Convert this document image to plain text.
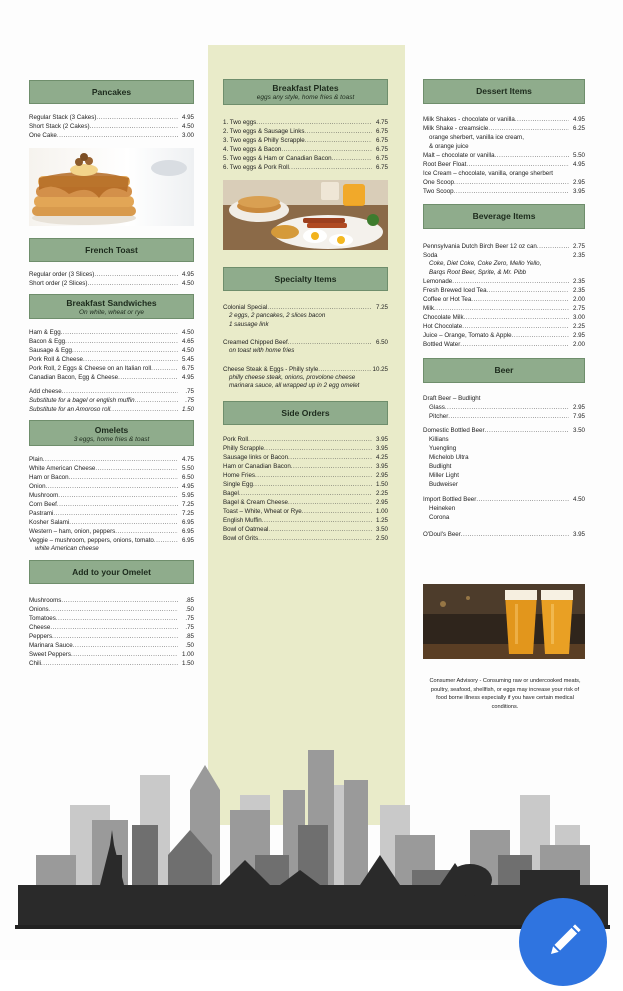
Pancakes
Regular Stack (3 Cakes) .....	4.95
Short Stack (2 Cakes) .....	4.50
One Cake .....	3.00
French Toast
Regular order (3 Slices) .....	4.95
Short order (2 Slices) .....	4.50
Breakfast Sandwiches
On white, wheat or rye
Ham & Egg .....	4.50
Bacon & Egg .....	4.65
Sausage & Egg .....	4.50
Pork Roll & Cheese .....	5.45
Pork Roll, 2 Eggs & Cheese on an Italian roll .....	6.75
Canadian Bacon, Egg & Cheese .....	4.95
Add cheese .....	.75
Substitute for a bagel or english muffin .....	.75
Substitute for an Amoroso roll .....	1.50
Omelets
3 eggs, home fries & toast
Plain .....	4.75
White American Cheese .....	5.50
Ham or Bacon .....	6.50
Onion .....	4.95
Mushroom .....	5.95
Corn Beef .....	7.25
Pastrami .....	7.25
Kosher Salami .....	6.95
Western – ham, onion, peppers .....	6.95
Veggie – mushroom, peppers, onions, tomato .....	6.95
white American cheese
Add to your Omelet
Mushrooms .....	.85
Onions .....	.50
Tomatoes .....	.75
Cheese .....	.75
Peppers .....	.85
Marinara Sauce .....	.50
Sweet Peppers .....	1.00
Chili .....	1.50
Breakfast Plates
eggs any style, home fries & toast
1. Two eggs .....	4.75
2. Two eggs & Sausage Links .....	6.75
3. Two eggs & Philly Scrapple .....	6.75
4. Two eggs & Bacon .....	6.75
5. Two eggs & Ham or Canadian Bacon .....	6.75
6. Two eggs & Pork Roll .....	6.75
Specialty Items
Colonial Special .....	7.25
2 eggs, 2 pancakes, 2 slices bacon
1 sausage link
Creamed Chipped Beef .....	6.50
on toast with home fries
Cheese Steak & Eggs - Philly style .....	10.25
philly cheese steak, onions, provolone cheese
marinara sauce, all wrapped up in 2 egg omelet
Side Orders
Pork Roll .....	3.95
Philly Scrapple .....	3.95
Sausage links or Bacon .....	4.25
Ham or Canadian Bacon .....	3.95
Home Fries .....	2.95
Single Egg .....	1.50
Bagel .....	2.25
Bagel & Cream Cheese .....	2.95
Toast – White, Wheat or Rye .....	1.00
English Muffin .....	1.25
Bowl of Oatmeal .....	3.50
Bowl of Grits .....	2.50
Dessert Items
Milk Shakes - chocolate or vanilla .....	4.95
Milk Shake - creamsicle .....	6.25
orange sherbert, vanilla ice cream,
& orange juice
Malt – chocolate or vanilla .....	5.50
Root Beer Float .....	4.95
Ice Cream – chocolate, vanilla, orange sherbert
One Scoop .....	2.95
Two Scoop .....	3.95
Beverage Items
Pennsylvania Dutch Birch Beer 12 oz can .....	2.75
Soda	2.35
Coke, Diet Coke, Coke Zero, Mello Yello,
Barqs Root Beer, Sprite, & Mr. Pibb
Lemonade .....	2.35
Fresh Brewed Iced Tea .....	2.35
Coffee or Hot Tea .....	2.00
Milk .....	2.75
Chocolate Milk .....	3.00
Hot Chocolate .....	2.25
Juice – Orange, Tomato & Apple .....	2.95
Bottled Water .....	2.00
Beer
Draft Beer – Budlight
Glass .....	2.95
Pitcher .....	7.95
Domestic Bottled Beer .....	3.50
Killians
Yuengling
Michelob Ultra
Budlight
Miller Light
Budweiser
Import Bottled Beer .....	4.50
Heineken
Corona
O'Doul's Beer .....	3.95
Consumer Advisory - Consuming raw or undercooked meats, poultry, seafood, shellfish, or eggs may increase your risk of food borne illness especially if you have certain medical conditions.
